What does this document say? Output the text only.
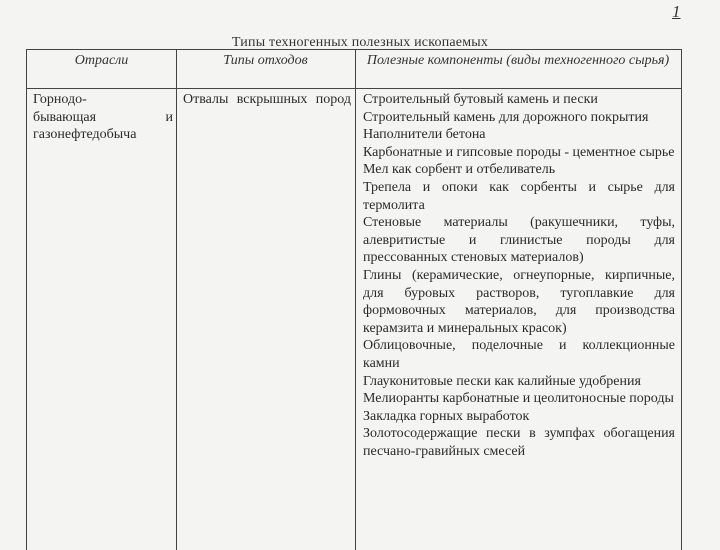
1
Типы техногенных полезных ископаемых
Отрасли	Типы отходов	Полезные компоненты (виды техногенного сырья)
Горнодо-
бывающая и
газонефтедобыча
Отвалы вскрышных пород Строительный бутовый камень и пески
Строительный камень для дорожного покрытия
Наполнители бетона
Карбонатные и гипсовые породы - цементное сырье
Мел как сорбент и отбеливатель
Трепела и опоки как сорбенты и сырье для термолита
Стеновые материалы (ракушечники, туфы, алевритистые и глинистые породы для прессованных стеновых материалов)
Глины (керамические, огнеупорные, кирпичные, для буровых растворов, тугоплавкие для формовочных материалов, для производства керамзита и минеральных красок)
Облицовочные, поделочные и коллекционные камни
Глауконитовые пески как калийные удобрения
Мелиоранты карбонатные и цеолитоносные породы
Закладка горных выработок
Золотосодержащие пески в зумпфах обогащения песчано-гравийных смесей
